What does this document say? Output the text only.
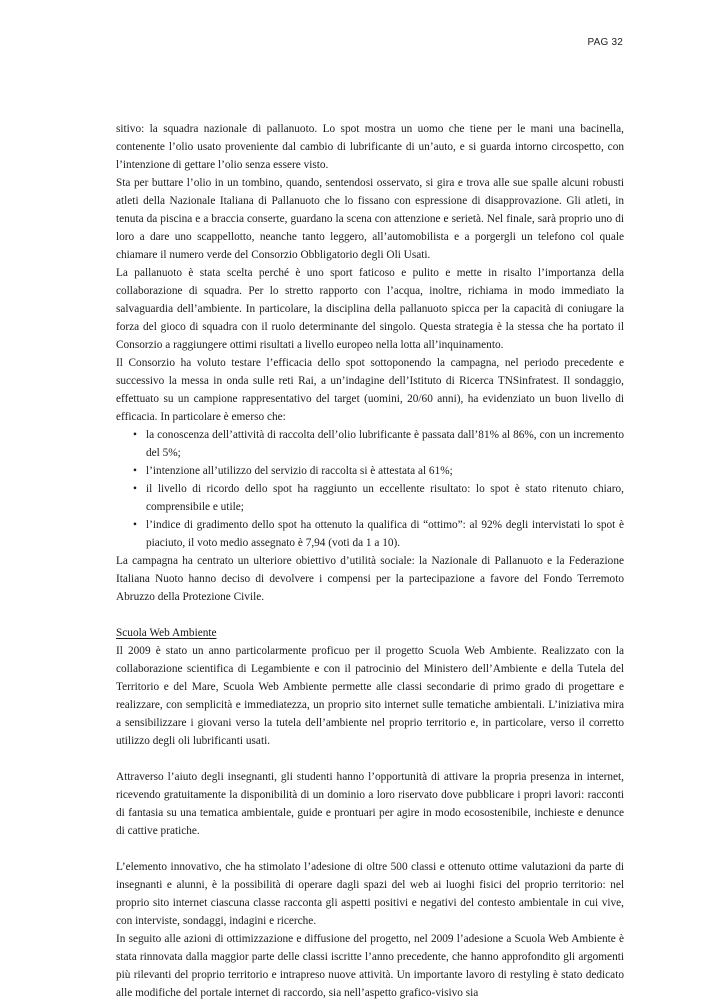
PAG 32

sitivo: la squadra nazionale di pallanuoto. Lo spot mostra un uomo che tiene per le mani una bacinella, contenente l’olio usato proveniente dal cambio di lubrificante di un’auto, e si guarda intorno circospetto, con l’intenzione di gettare l’olio senza essere visto.

Sta per buttare l’olio in un tombino, quando, sentendosi osservato, si gira e trova alle sue spalle alcuni robusti atleti della Nazionale Italiana di Pallanuoto che lo fissano con espressione di disapprovazione. Gli atleti, in tenuta da piscina e a braccia conserte, guardano la scena con attenzione e serietà. Nel finale, sarà proprio uno di loro a dare uno scappellotto, neanche tanto leggero, all’automobilista e a porgergli un telefono col quale chiamare il numero verde del Consorzio Obbligatorio degli Oli Usati.

La pallanuoto è stata scelta perché è uno sport faticoso e pulito e mette in risalto l’importanza della collaborazione di squadra. Per lo stretto rapporto con l’acqua, inoltre, richiama in modo immediato la salvaguardia dell’ambiente. In particolare, la disciplina della pallanuoto spicca per la capacità di coniugare la forza del gioco di squadra con il ruolo determinante del singolo. Questa strategia è la stessa che ha portato il Consorzio a raggiungere ottimi risultati a livello europeo nella lotta all’inquinamento.

Il Consorzio ha voluto testare l’efficacia dello spot sottoponendo la campagna, nel periodo precedente e successivo la messa in onda sulle reti Rai, a un’indagine dell’Istituto di Ricerca TNSinfratest. Il sondaggio, effettuato su un campione rappresentativo del target (uomini, 20/60 anni), ha evidenziato un buon livello di efficacia. In particolare è emerso che:

• la conoscenza dell’attività di raccolta dell’olio lubrificante è passata dall’81% al 86%, con un incremento del 5%;
• l’intenzione all’utilizzo del servizio di raccolta si è attestata al 61%;
• il livello di ricordo dello spot ha raggiunto un eccellente risultato: lo spot è stato ritenuto chiaro, comprensibile e utile;
• l’indice di gradimento dello spot ha ottenuto la qualifica di “ottimo”: al 92% degli intervistati lo spot è piaciuto, il voto medio assegnato è 7,94 (voti da 1 a 10).

La campagna ha centrato un ulteriore obiettivo d’utilità sociale: la Nazionale di Pallanuoto e la Federazione Italiana Nuoto hanno deciso di devolvere i compensi per la partecipazione a favore del Fondo Terremoto Abruzzo della Protezione Civile.

Scuola Web Ambiente

Il 2009 è stato un anno particolarmente proficuo per il progetto Scuola Web Ambiente. Realizzato con la collaborazione scientifica di Legambiente e con il patrocinio del Ministero dell’Ambiente e della Tutela del Territorio e del Mare, Scuola Web Ambiente permette alle classi secondarie di primo grado di progettare e realizzare, con semplicità e immediatezza, un proprio sito internet sulle tematiche ambientali. L’iniziativa mira a sensibilizzare i giovani verso la tutela dell’ambiente nel proprio territorio e, in particolare, verso il corretto utilizzo degli oli lubrificanti usati.

Attraverso l’aiuto degli insegnanti, gli studenti hanno l’opportunità di attivare la propria presenza in internet, ricevendo gratuitamente la disponibilità di un dominio a loro riservato dove pubblicare i propri lavori: racconti di fantasia su una tematica ambientale, guide e prontuari per agire in modo ecosostenibile, inchieste e denunce di cattive pratiche.

L’elemento innovativo, che ha stimolato l’adesione di oltre 500 classi e ottenuto ottime valutazioni da parte di insegnanti e alunni, è la possibilità di operare dagli spazi del web ai luoghi fisici del proprio territorio: nel proprio sito internet ciascuna classe racconta gli aspetti positivi e negativi del contesto ambientale in cui vive, con interviste, sondaggi, indagini e ricerche.

In seguito alle azioni di ottimizzazione e diffusione del progetto, nel 2009 l’adesione a Scuola Web Ambiente è stata rinnovata dalla maggior parte delle classi iscritte l’anno precedente, che hanno approfondito gli argomenti più rilevanti del proprio territorio e intrapreso nuove attività. Un importante lavoro di restyling è stato dedicato alle modifiche del portale internet di raccordo, sia nell’aspetto grafico-visivo sia
